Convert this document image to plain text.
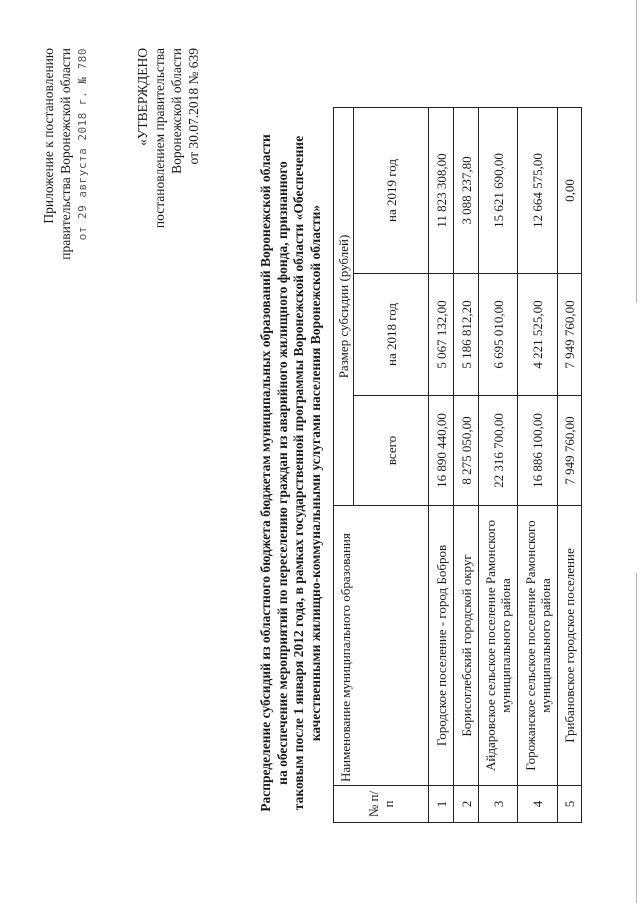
Приложение к постановлению правительства Воронежской области от 29 августа 2018 г. № 780	«УТВЕРЖДЕНО постановлением правительства Воронежской области от 30.07.2018 № 639
Распределение субсидий из областного бюджета бюджетам муниципальных образований Воронежской области на обеспечение мероприятий по переселению граждан из аварийного жилищного фонда, признанного таковым после 1 января 2012 года, в рамках государственной программы Воронежской области «Обеспечение качественными жилищно-коммунальными услугами населения Воронежской области»
№ п/п	Наименование муниципального образования	Размер субсидии (рублей)		
		всего	на 2018 год	на 2019 год
1	Городское поселение - город Бобров	16 890 440,00	5 067 132,00	11 823 308,00
2	Борисоглебский городской округ	8 275 050,00	5 186 812,20	3 088 237,80
3	Айдаровское сельское поселение Рамонского муниципального района	22 316 700,00	6 695 010,00	15 621 690,00
4	Горожанское сельское поселение Рамонского муниципального района	16 886 100,00	4 221 525,00	12 664 575,00
5	Грибановское городское поселение	7 949 760,00	7 949 760,00	0,00
